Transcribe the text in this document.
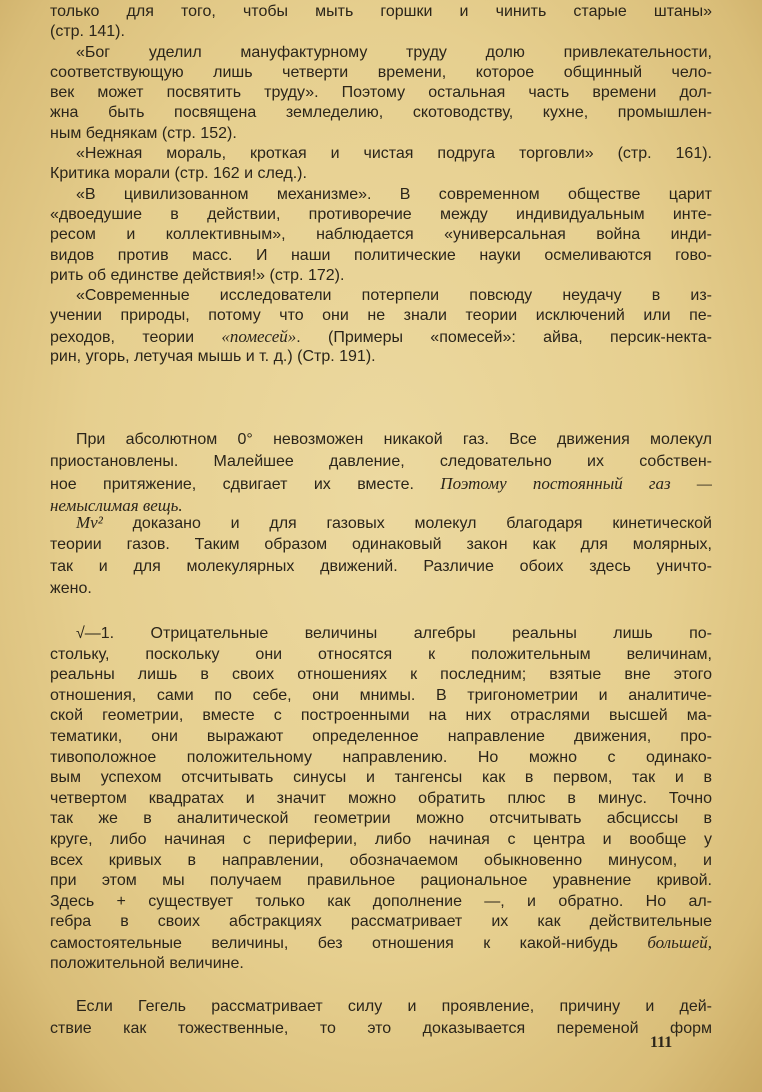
только для того, чтобы мыть горшки и чинить старые штаны»
(стр. 141).
«Бог уделил мануфактурному труду долю привлекательности,
соответствующую лишь четверти времени, которое общинный чело-
век может посвятить труду». Поэтому остальная часть времени дол-
жна быть посвящена земледелию, скотоводству, кухне, промышлен-
ным беднякам (стр. 152).
«Нежная мораль, кроткая и чистая подруга торговли» (стр. 161).
Критика морали (стр. 162 и след.).
«В цивилизованном механизме». В современном обществе царит
«двоедушие в действии, противоречие между индивидуальным инте-
ресом и коллективным», наблюдается «универсальная война инди-
видов против масс. И наши политические науки осмеливаются гово-
рить об единстве действия!» (стр. 172).
«Современные исследователи потерпели повсюду неудачу в из-
учении природы, потому что они не знали теории исключений или пе-
реходов, теории «помесей». (Примеры «помесей»: айва, персик-некта-
рин, угорь, летучая мышь и т. д.) (Стр. 191).
При абсолютном 0° невозможен никакой газ. Все движения молекул
приостановлены. Малейшее давление, следовательно их собствен-
ное притяжение, сдвигает их вместе. Поэтому постоянный газ —
немыслимая вещь.
Mv² доказано и для газовых молекул благодаря кинетической
теории газов. Таким образом одинаковый закон как для молярных,
так и для молекулярных движений. Различие обоих здесь уничто-
жено.
√—1. Отрицательные величины алгебры реальны лишь по-
стольку, поскольку они относятся к положительным величинам,
реальны лишь в своих отношениях к последним; взятые вне этого
отношения, сами по себе, они мнимы. В тригонометрии и аналитиче-
ской геометрии, вместе с построенными на них отраслями высшей ма-
тематики, они выражают определенное направление движения, про-
тивоположное положительному направлению. Но можно с одинако-
вым успехом отсчитывать синусы и тангенсы как в первом, так и в
четвертом квадратах и значит можно обратить плюс в минус. Точно
так же в аналитической геометрии можно отсчитывать абсциссы в
круге, либо начиная с периферии, либо начиная с центра и вообще у
всех кривых в направлении, обозначаемом обыкновенно минусом, и
при этом мы получаем правильное рациональное уравнение кривой.
Здесь + существует только как дополнение —, и обратно. Но ал-
гебра в своих абстракциях рассматривает их как действительные
самостоятельные величины, без отношения к какой-нибудь большей,
положительной величине.
Если Гегель рассматривает силу и проявление, причину и дей-
ствие как тожественные, то это доказывается переменой форм
111
